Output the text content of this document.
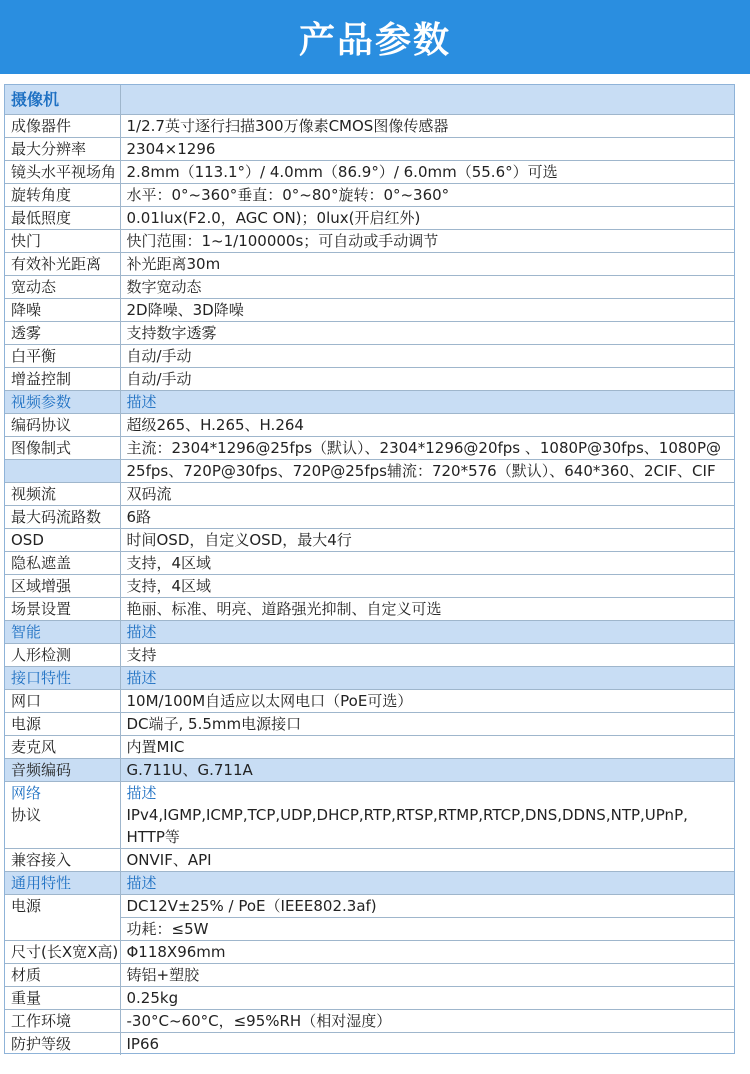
产品参数
摄像机	
成像器件	1/2.7英寸逐行扫描300万像素CMOS图像传感器
最大分辨率	2304×1296
镜头水平视场角	2.8mm（113.1°）/ 4.0mm（86.9°）/ 6.0mm（55.6°）可选
旋转角度	水平：0°~360°垂直：0°~80°旋转：0°~360°
最低照度	0.01lux(F2.0，AGC ON)；0lux(开启红外)
快门	快门范围：1~1/100000s；可自动或手动调节
有效补光距离	补光距离30m
宽动态	数字宽动态
降噪	2D降噪、3D降噪
透雾	支持数字透雾
白平衡	自动/手动
增益控制	自动/手动
视频参数	描述
编码协议	超级265、H.265、H.264
图像制式	主流：2304*1296@25fps（默认）、2304*1296@20fps 、1080P@30fps、1080P@
	25fps、720P@30fps、720P@25fps辅流：720*576（默认）、640*360、2CIF、CIF
视频流	双码流
最大码流路数	6路
OSD	时间OSD，自定义OSD，最大4行
隐私遮盖	支持，4区域
区域增强	支持，4区域
场景设置	艳丽、标准、明亮、道路强光抑制、自定义可选
智能	描述
人形检测	支持
接口特性	描述
网口	10M/100M自适应以太网电口（PoE可选）
电源	DC端子, 5.5mm电源接口
麦克风	内置MIC
音频编码	G.711U、G.711A
网络	描述
协议	IPv4,IGMP,ICMP,TCP,UDP,DHCP,RTP,RTSP,RTMP,RTCP,DNS,DDNS,NTP,UPnP,
	HTTP等
兼容接入	ONVIF、API
通用特性	描述
电源	DC12V±25% / PoE（IEEE802.3af)
	功耗：≤5W
尺寸(长X宽X高)	Φ118X96mm
材质	铸铝+塑胶
重量	0.25kg
工作环境	-30°C~60°C，≤95%RH（相对湿度）
防护等级	IP66
